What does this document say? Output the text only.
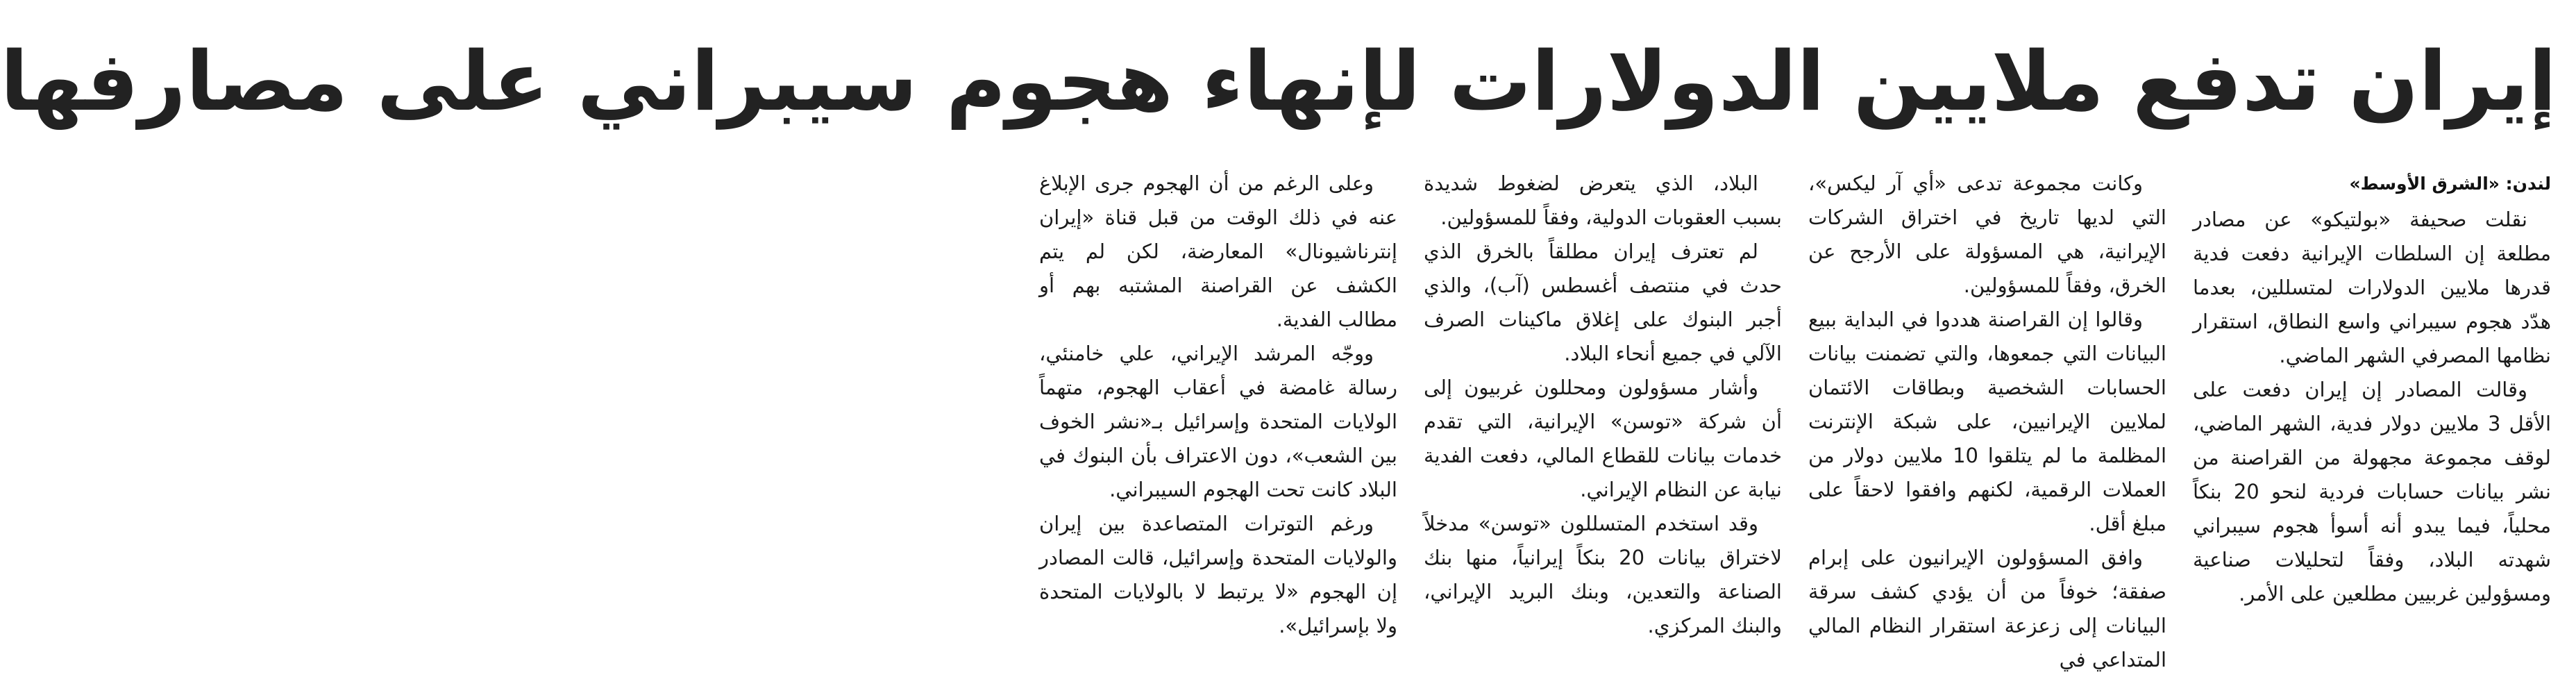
إيران تدفع ملايين الدولارات لإنهاء هجوم سيبراني على مصارفها
لندن: «الشرق الأوسط»

نقلت صحيفة «بولتيكو» عن مصادر مطلعة إن السلطات الإيرانية دفعت فدية قدرها ملايين الدولارات لمتسللين، بعدما هدّد هجوم سيبراني واسع النطاق، استقرار نظامها المصرفي الشهر الماضي.

وقالت المصادر إن إيران دفعت على الأقل 3 ملايين دولار فدية، الشهر الماضي، لوقف مجموعة مجهولة من القراصنة من نشر بيانات حسابات فردية لنحو 20 بنكاً محلياً، فيما يبدو أنه أسوأ هجوم سيبراني شهدته البلاد، وفقاً لتحليلات صناعية ومسؤولين غربيين مطلعين على الأمر.

وكانت مجموعة تدعى «أي آر ليكس»، التي لديها تاريخ في اختراق الشركات الإيرانية، هي المسؤولة على الأرجح عن الخرق، وفقاً للمسؤولين.

وقالوا إن القراصنة هددوا في البداية ببيع البيانات التي جمعوها، والتي تضمنت بيانات الحسابات الشخصية وبطاقات الائتمان لملايين الإيرانيين، على شبكة الإنترنت المظلمة ما لم يتلقوا 10 ملايين دولار من العملات الرقمية، لكنهم وافقوا لاحقاً على مبلغ أقل.

وافق المسؤولون الإيرانيون على إبرام صفقة؛ خوفاً من أن يؤدي كشف سرقة البيانات إلى زعزعة استقرار النظام المالي المتداعي في

البلاد، الذي يتعرض لضغوط شديدة بسبب العقوبات الدولية، وفقاً للمسؤولين.

لم تعترف إيران مطلقاً بالخرق الذي حدث في منتصف أغسطس (آب)، والذي أجبر البنوك على إغلاق ماكينات الصرف الآلي في جميع أنحاء البلاد.

وأشار مسؤولون ومحللون غربيون إلى أن شركة «توسن» الإيرانية، التي تقدم خدمات بيانات للقطاع المالي، دفعت الفدية نيابة عن النظام الإيراني.

وقد استخدم المتسللون «توسن» مدخلاً لاختراق بيانات 20 بنكاً إيرانياً، منها بنك الصناعة والتعدين، وبنك البريد الإيراني، والبنك المركزي.

وعلى الرغم من أن الهجوم جرى الإبلاغ عنه في ذلك الوقت من قبل قناة «إيران إنترناشيونال» المعارضة، لكن لم يتم الكشف عن القراصنة المشتبه بهم أو مطالب الفدية.

ووجّه المرشد الإيراني، علي خامنئي، رسالة غامضة في أعقاب الهجوم، متهماً الولايات المتحدة وإسرائيل بـ«نشر الخوف بين الشعب»، دون الاعتراف بأن البنوك في البلاد كانت تحت الهجوم السيبراني.

ورغم التوترات المتصاعدة بين إيران والولايات المتحدة وإسرائيل، قالت المصادر إن الهجوم «لا يرتبط لا بالولايات المتحدة ولا بإسرائيل».
